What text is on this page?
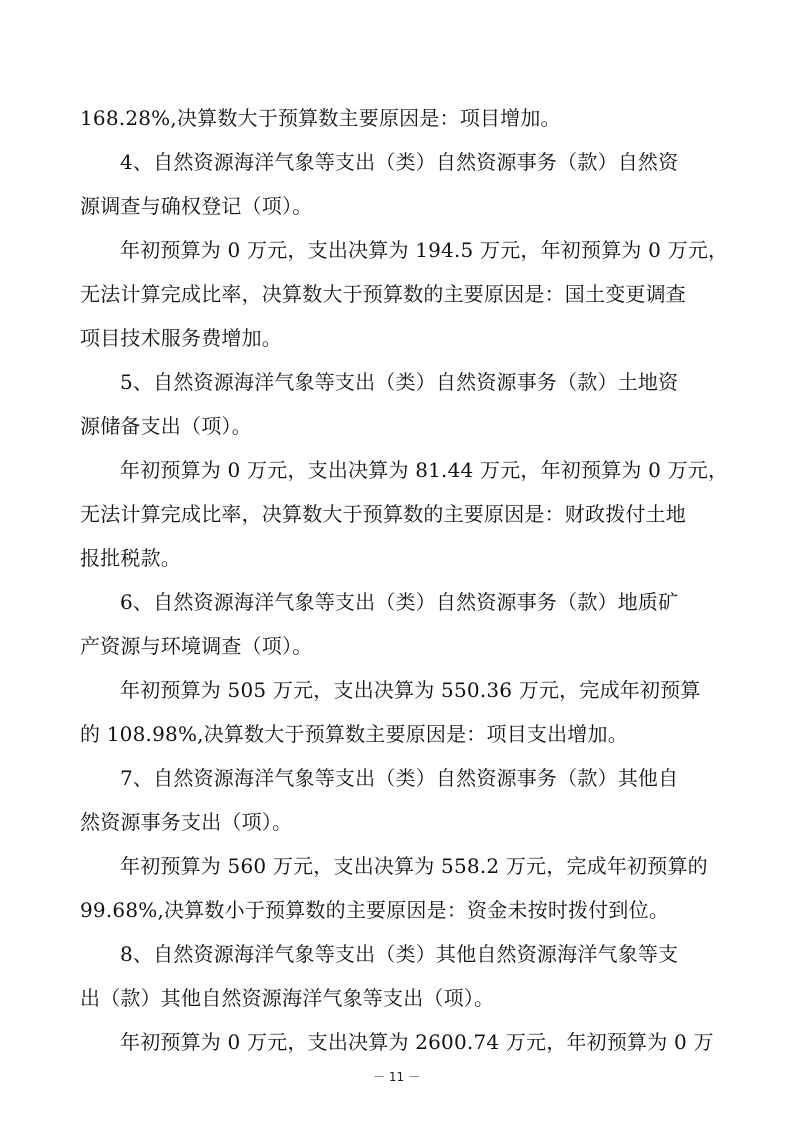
168.28%,决算数大于预算数主要原因是：项目增加。
4、自然资源海洋气象等支出（类）自然资源事务（款）自然资
源调查与确权登记（项）。
年初预算为 0 万元，支出决算为 194.5 万元，年初预算为 0 万元，
无法计算完成比率，决算数大于预算数的主要原因是：国土变更调查
项目技术服务费增加。
5、自然资源海洋气象等支出（类）自然资源事务（款）土地资
源储备支出（项）。
年初预算为 0 万元，支出决算为 81.44 万元，年初预算为 0 万元，
无法计算完成比率，决算数大于预算数的主要原因是：财政拨付土地
报批税款。
6、自然资源海洋气象等支出（类）自然资源事务（款）地质矿
产资源与环境调查（项）。
年初预算为 505 万元，支出决算为 550.36 万元，完成年初预算
的 108.98%,决算数大于预算数主要原因是：项目支出增加。
7、自然资源海洋气象等支出（类）自然资源事务（款）其他自
然资源事务支出（项）。
年初预算为 560 万元，支出决算为 558.2 万元，完成年初预算的
99.68%,决算数小于预算数的主要原因是：资金未按时拨付到位。
8、自然资源海洋气象等支出（类）其他自然资源海洋气象等支
出（款）其他自然资源海洋气象等支出（项）。
年初预算为 0 万元，支出决算为 2600.74 万元，年初预算为 0 万
－ 11 －
